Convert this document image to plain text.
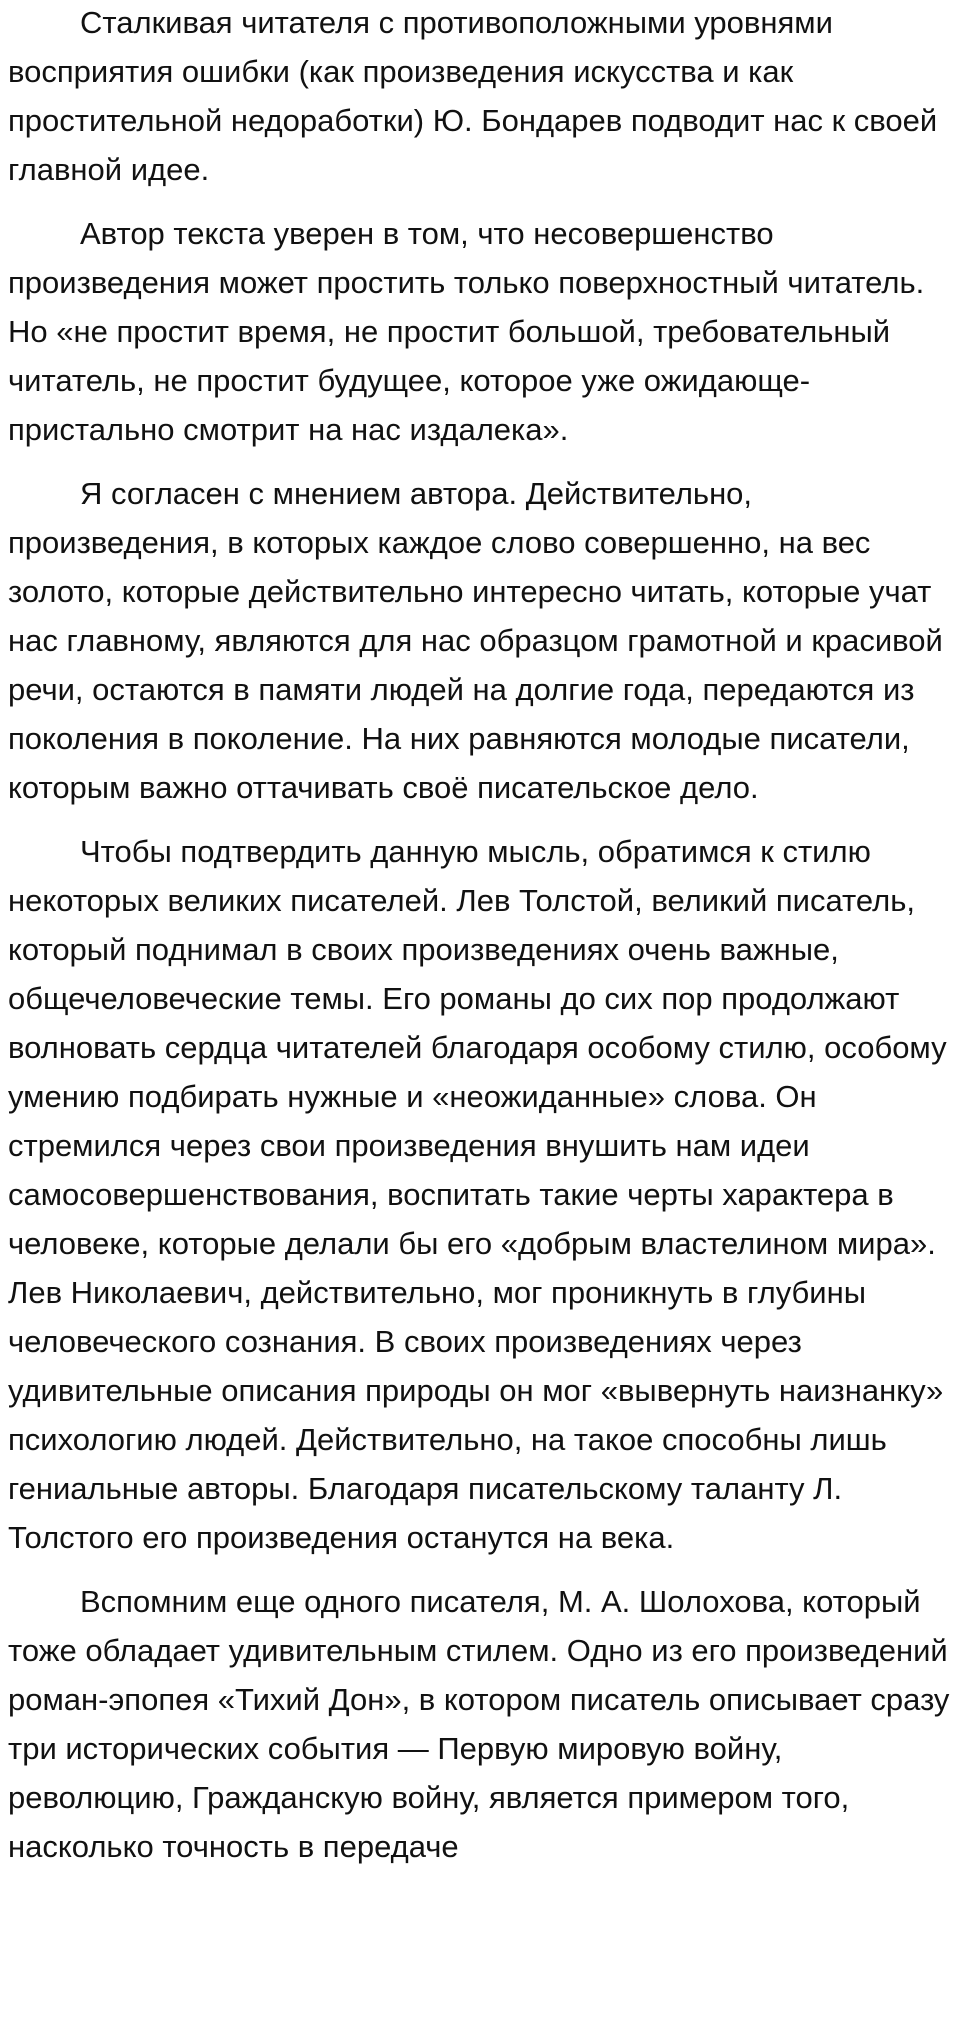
Сталкивая читателя с противоположными уровнями восприятия ошибки (как произведения искусства и как простительной недоработки) Ю. Бондарев подводит нас к своей главной идее.

Автор текста уверен в том, что несовершенство произведения может простить только поверхностный читатель. Но «не простит время, не простит большой, требовательный читатель, не простит будущее, которое уже ожидающе-пристально смотрит на нас издалека».

Я согласен с мнением автора. Действительно, произведения, в которых каждое слово совершенно, на вес золото, которые действительно интересно читать, которые учат нас главному, являются для нас образцом грамотной и красивой речи, остаются в памяти людей на долгие года, передаются из поколения в поколение. На них равняются молодые писатели, которым важно оттачивать своё писательское дело.

Чтобы подтвердить данную мысль, обратимся к стилю некоторых великих писателей. Лев Толстой, великий писатель, который поднимал в своих произведениях очень важные, общечеловеческие темы. Его романы до сих пор продолжают волновать сердца читателей благодаря особому стилю, особому умению подбирать нужные и «неожиданные» слова. Он стремился через свои произведения внушить нам идеи самосовершенствования, воспитать такие черты характера в человеке, которые делали бы его «добрым властелином мира». Лев Николаевич, действительно, мог проникнуть в глубины человеческого сознания. В своих произведениях через удивительные описания природы он мог «вывернуть наизнанку» психологию людей. Действительно, на такое способны лишь гениальные авторы. Благодаря писательскому таланту Л. Толстого его произведения останутся на века.

Вспомним еще одного писателя, М. А. Шолохова, который тоже обладает удивительным стилем. Одно из его произведений роман-эпопея «Тихий Дон», в котором писатель описывает сразу три исторических события — Первую мировую войну, революцию, Гражданскую войну, является примером того, насколько точность в передаче
